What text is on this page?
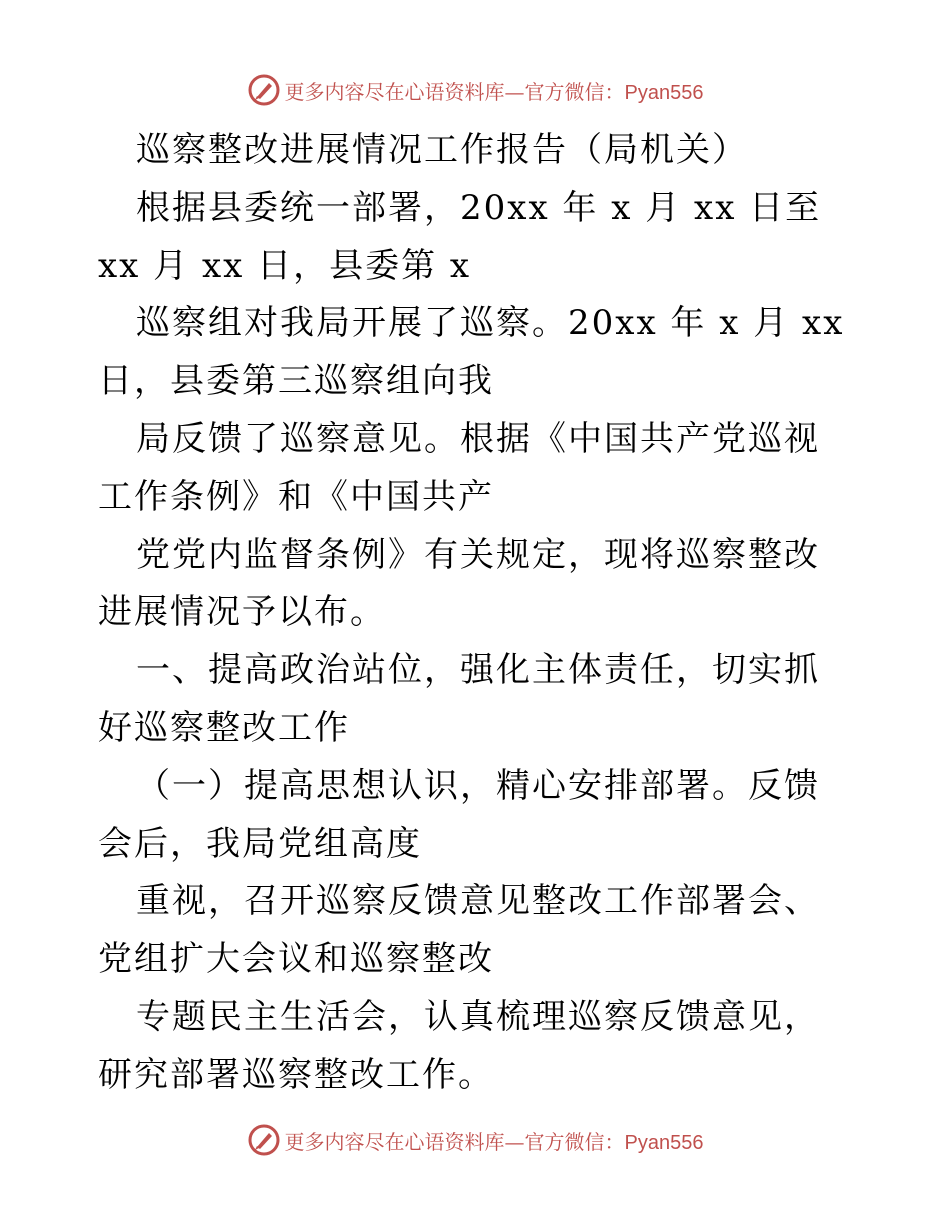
更多内容尽在心语资料库—官方微信：Pyan556

巡察整改进展情况工作报告（局机关）

根据县委统一部署，20xx 年 x 月 xx 日至 xx 月 xx 日，县委第 x

巡察组对我局开展了巡察。20xx 年 x 月 xx 日，县委第三巡察组向我

局反馈了巡察意见。根据《中国共产党巡视工作条例》和《中国共产

党党内监督条例》有关规定，现将巡察整改进展情况予以布。

一、提高政治站位，强化主体责任，切实抓好巡察整改工作

（一）提高思想认识，精心安排部署。反馈会后，我局党组高度

重视，召开巡察反馈意见整改工作部署会、党组扩大会议和巡察整改

专题民主生活会，认真梳理巡察反馈意见，研究部署巡察整改工作。

更多内容尽在心语资料库—官方微信：Pyan556
